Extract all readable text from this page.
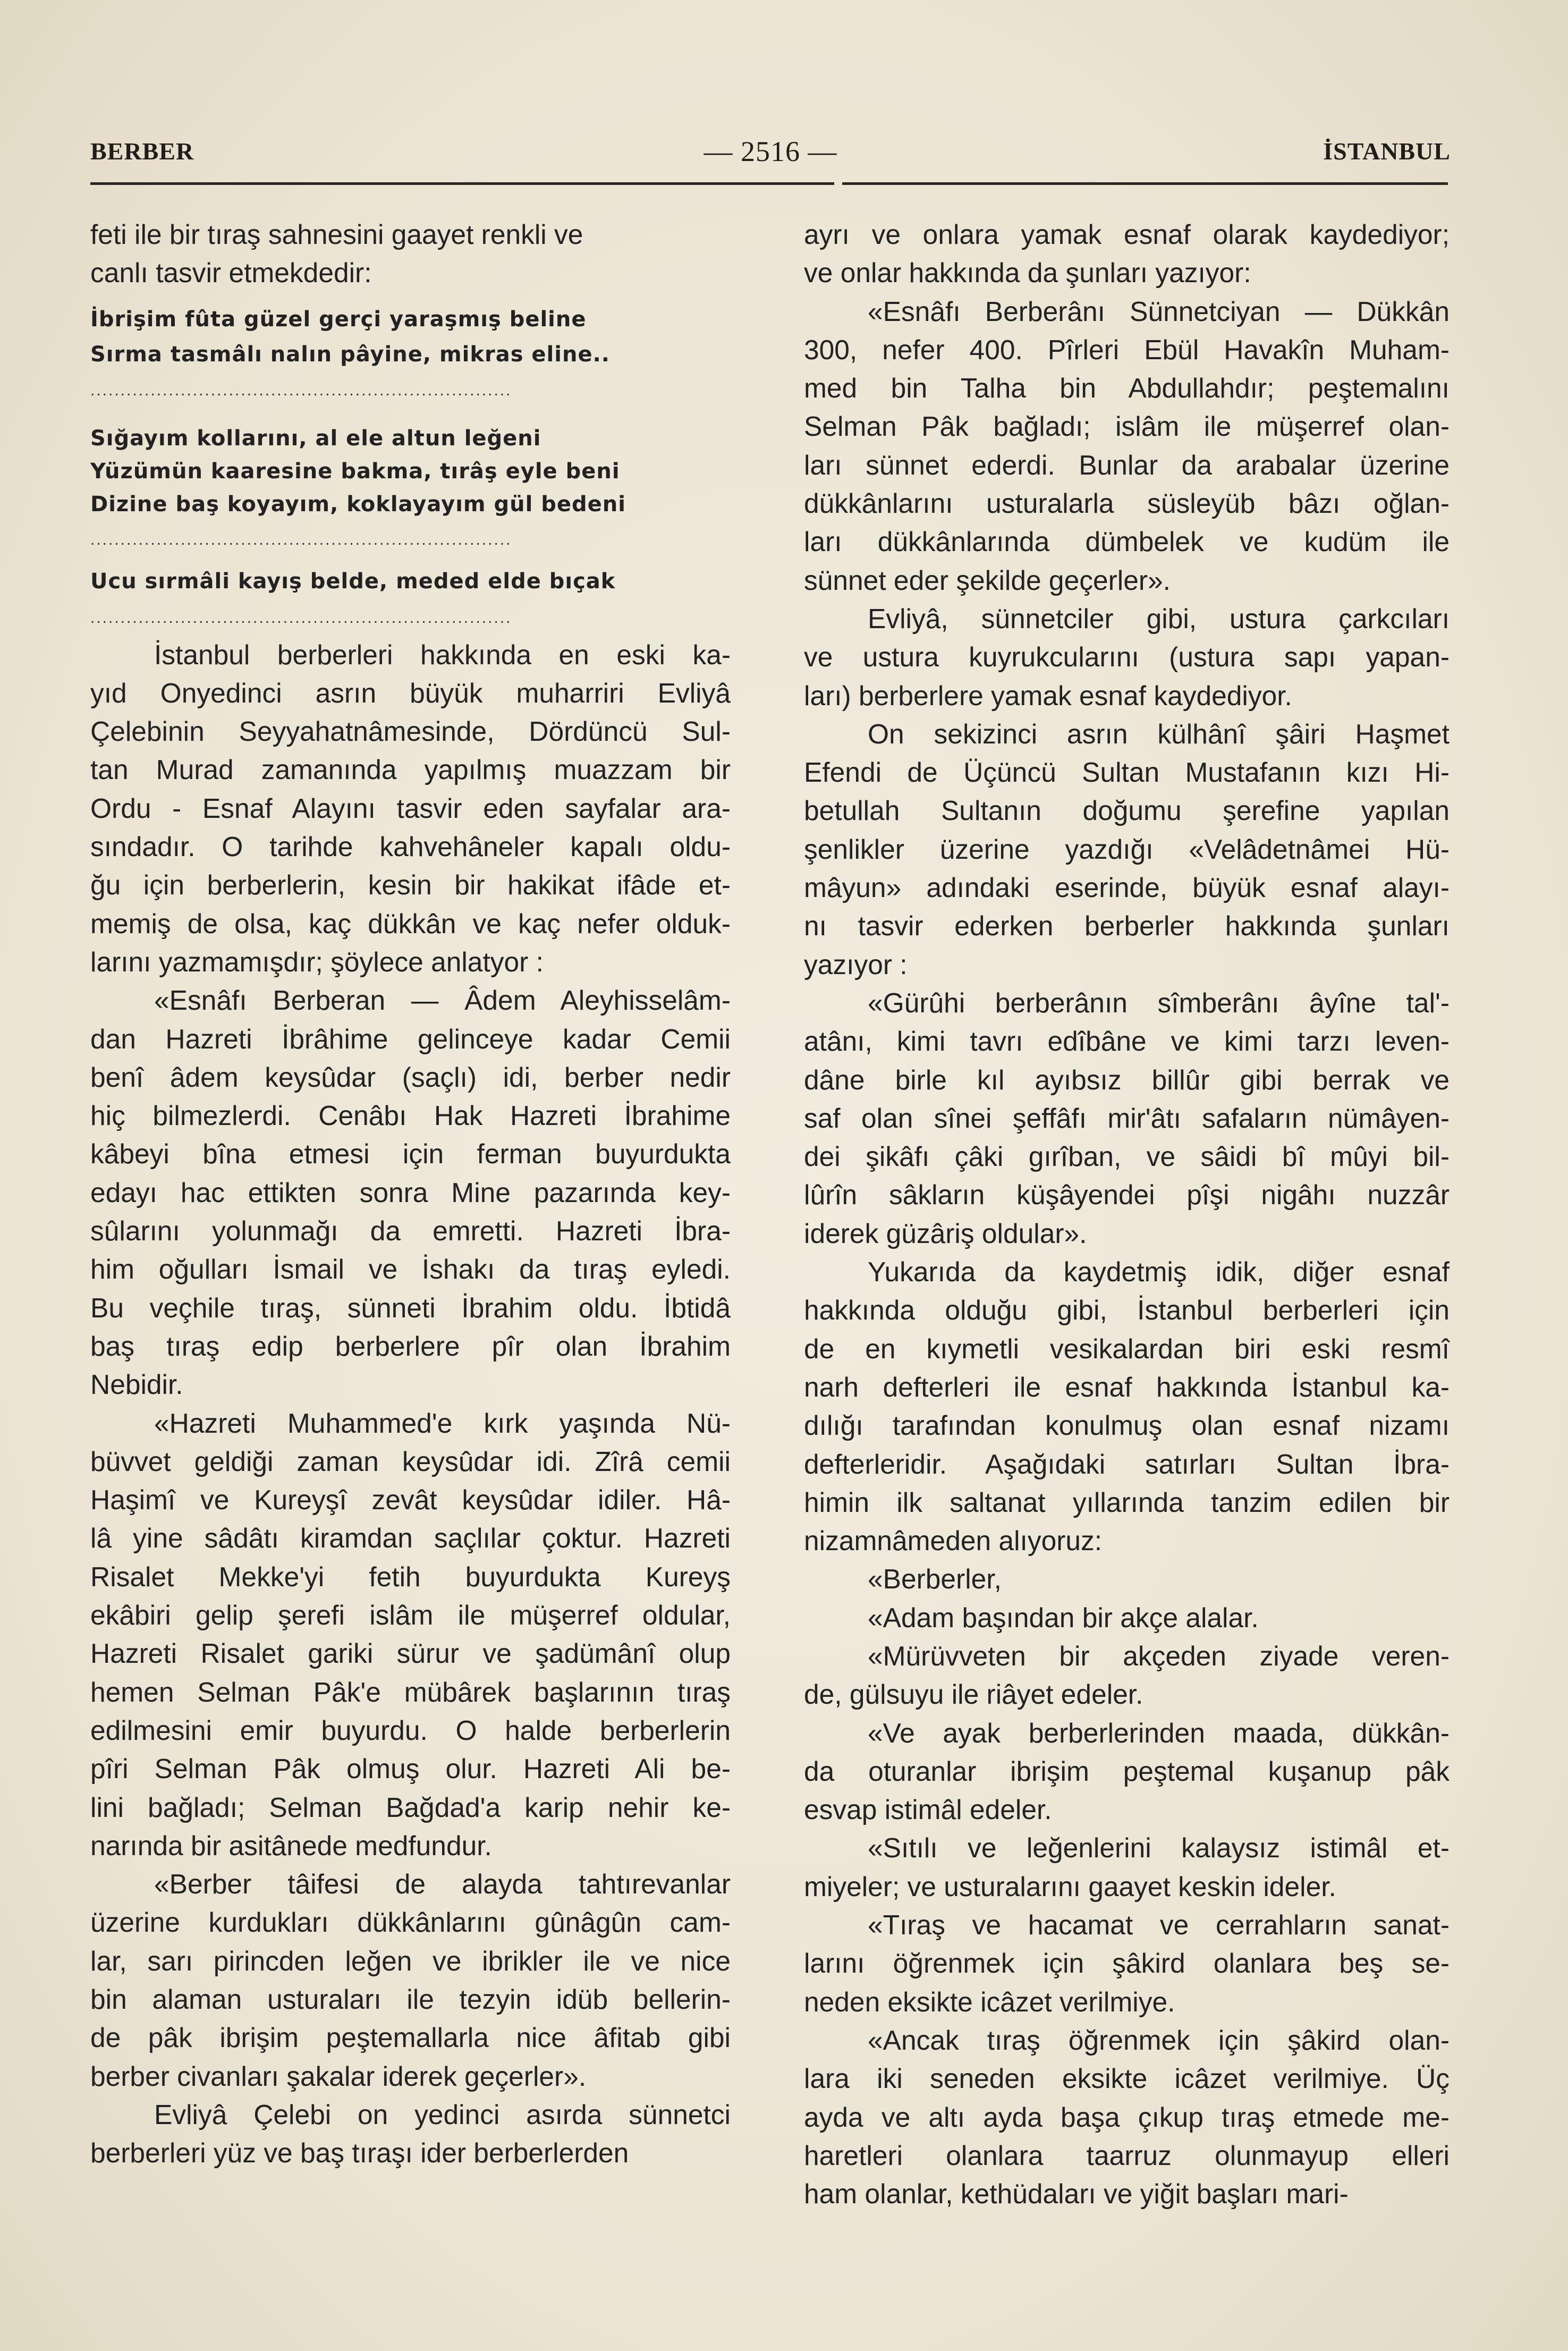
BERBER	— 2516 —	İSTANBUL
feti ile bir tıraş sahnesini gaayet renkli ve
canlı tasvir etmekdedir:
İbrişim fûta güzel gerçi yaraşmış beline
Sırma tasmâlı nalın pâyine, mikras eline..
......................................................................
Sığayım kollarını, al ele altun leğeni
Yüzümün kaaresine bakma, tırâş eyle beni
Dizine baş koyayım, koklayayım gül bedeni
......................................................................
Ucu sırmâli kayış belde, meded elde bıçak
......................................................................
İstanbul berberleri hakkında en eski ka-
yıd Onyedinci asrın büyük muharriri Evliyâ
Çelebinin Seyyahatnâmesinde, Dördüncü Sul-
tan Murad zamanında yapılmış muazzam bir
Ordu - Esnaf Alayını tasvir eden sayfalar ara-
sındadır. O tarihde kahvehâneler kapalı oldu-
ğu için berberlerin, kesin bir hakikat ifâde et-
memiş de olsa, kaç dükkân ve kaç nefer olduk-
larını yazmamışdır; şöylece anlatyor :
«Esnâfı Berberan — Âdem Aleyhisselâm-
dan Hazreti İbrâhime gelinceye kadar Cemii
benî âdem keysûdar (saçlı) idi, berber nedir
hiç bilmezlerdi. Cenâbı Hak Hazreti İbrahime
kâbeyi bîna etmesi için ferman buyurdukta
edayı hac ettikten sonra Mine pazarında key-
sûlarını yolunmağı da emretti. Hazreti İbra-
him oğulları İsmail ve İshakı da tıraş eyledi.
Bu veçhile tıraş, sünneti İbrahim oldu. İbtidâ
baş tıraş edip berberlere pîr olan İbrahim
Nebidir.
«Hazreti Muhammed'e kırk yaşında Nü-
büvvet geldiği zaman keysûdar idi. Zîrâ cemii
Haşimî ve Kureyşî zevât keysûdar idiler. Hâ-
lâ yine sâdâtı kiramdan saçlılar çoktur. Hazreti
Risalet Mekke'yi fetih buyurdukta Kureyş
ekâbiri gelip şerefi islâm ile müşerref oldular,
Hazreti Risalet gariki sürur ve şadümânî olup
hemen Selman Pâk'e mübârek başlarının tıraş
edilmesini emir buyurdu. O halde berberlerin
pîri Selman Pâk olmuş olur. Hazreti Ali be-
lini bağladı; Selman Bağdad'a karip nehir ke-
narında bir asitânede medfundur.
«Berber tâifesi de alayda tahtırevanlar
üzerine kurdukları dükkânlarını gûnâgûn cam-
lar, sarı pirincden leğen ve ibrikler ile ve nice
bin alaman usturaları ile tezyin idüb bellerin-
de pâk ibrişim peştemallarla nice âfitab gibi
berber civanları şakalar iderek geçerler».
Evliyâ Çelebi on yedinci asırda sünnetci
berberleri yüz ve baş tıraşı ider berberlerden
ayrı ve onlara yamak esnaf olarak kaydediyor;
ve onlar hakkında da şunları yazıyor:
«Esnâfı Berberânı Sünnetciyan — Dükkân
300, nefer 400. Pîrleri Ebül Havakîn Muham-
med bin Talha bin Abdullahdır; peştemalını
Selman Pâk bağladı; islâm ile müşerref olan-
ları sünnet ederdi. Bunlar da arabalar üzerine
dükkânlarını usturalarla süsleyüb bâzı oğlan-
ları dükkânlarında dümbelek ve kudüm ile
sünnet eder şekilde geçerler».
Evliyâ, sünnetciler gibi, ustura çarkcıları
ve ustura kuyrukcularını (ustura sapı yapan-
ları) berberlere yamak esnaf kaydediyor.
On sekizinci asrın külhânî şâiri Haşmet
Efendi de Üçüncü Sultan Mustafanın kızı Hi-
betullah Sultanın doğumu şerefine yapılan
şenlikler üzerine yazdığı «Velâdetnâmei Hü-
mâyun» adındaki eserinde, büyük esnaf alayı-
nı tasvir ederken berberler hakkında şunları
yazıyor :
«Gürûhi berberânın sîmberânı âyîne tal'-
atânı, kimi tavrı edîbâne ve kimi tarzı leven-
dâne birle kıl ayıbsız billûr gibi berrak ve
saf olan sînei şeffâfı mir'âtı safaların nümâyen-
dei şikâfı çâki gırîban, ve sâidi bî mûyi bil-
lûrîn sâkların küşâyendei pîşi nigâhı nuzzâr
iderek güzâriş oldular».
Yukarıda da kaydetmiş idik, diğer esnaf
hakkında olduğu gibi, İstanbul berberleri için
de en kıymetli vesikalardan biri eski resmî
narh defterleri ile esnaf hakkında İstanbul ka-
dılığı tarafından konulmuş olan esnaf nizamı
defterleridir. Aşağıdaki satırları Sultan İbra-
himin ilk saltanat yıllarında tanzim edilen bir
nizamnâmeden alıyoruz:
«Berberler,
«Adam başından bir akçe alalar.
«Mürüvveten bir akçeden ziyade veren-
de, gülsuyu ile riâyet edeler.
«Ve ayak berberlerinden maada, dükkân-
da oturanlar ibrişim peştemal kuşanup pâk
esvap istimâl edeler.
«Sıtılı ve leğenlerini kalaysız istimâl et-
miyeler; ve usturalarını gaayet keskin ideler.
«Tıraş ve hacamat ve cerrahların sanat-
larını öğrenmek için şâkird olanlara beş se-
neden eksikte icâzet verilmiye.
«Ancak tıraş öğrenmek için şâkird olan-
lara iki seneden eksikte icâzet verilmiye. Üç
ayda ve altı ayda başa çıkup tıraş etmede me-
haretleri olanlara taarruz olunmayup elleri
ham olanlar, kethüdaları ve yiğit başları mari-
